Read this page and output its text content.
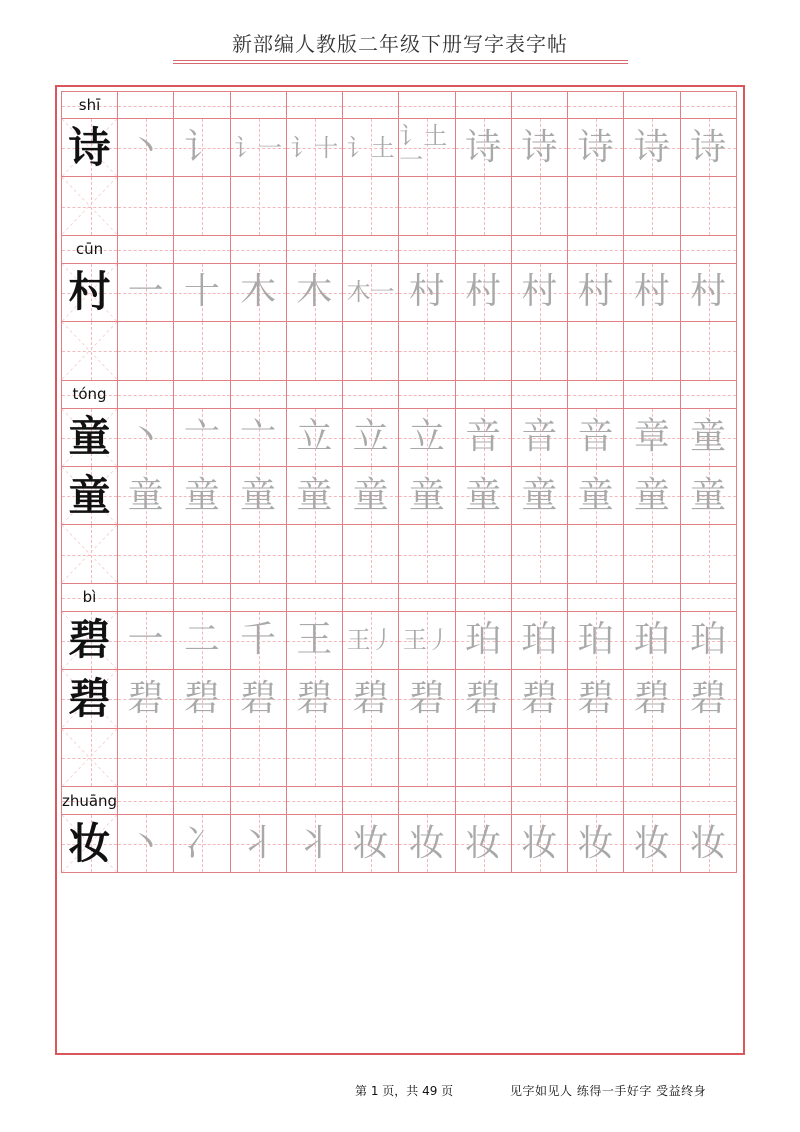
新部编人教版二年级下册写字表字帖
shī
诗 丶 讠 讠一 讠十 讠土 讠土一	诗 诗 诗 诗 诗
cūn
村 一 十 木 木 木一 村 村 村 村 村 村
tóng
童 丶 亠 亠 立 立 立 音 音 音 章 童
童 童 童 童 童 童 童 童 童 童 童 童
bì
碧 一 二 千 王 王丿 王丿 珀 珀 珀 珀 珀
碧 碧 碧 碧 碧 碧 碧 碧 碧 碧 碧 碧
zhuāng
妆 丶 冫 丬 丬 妆 妆 妆 妆 妆 妆 妆
第 1 页，共 49 页	见字如见人 练得一手好字 受益终身
